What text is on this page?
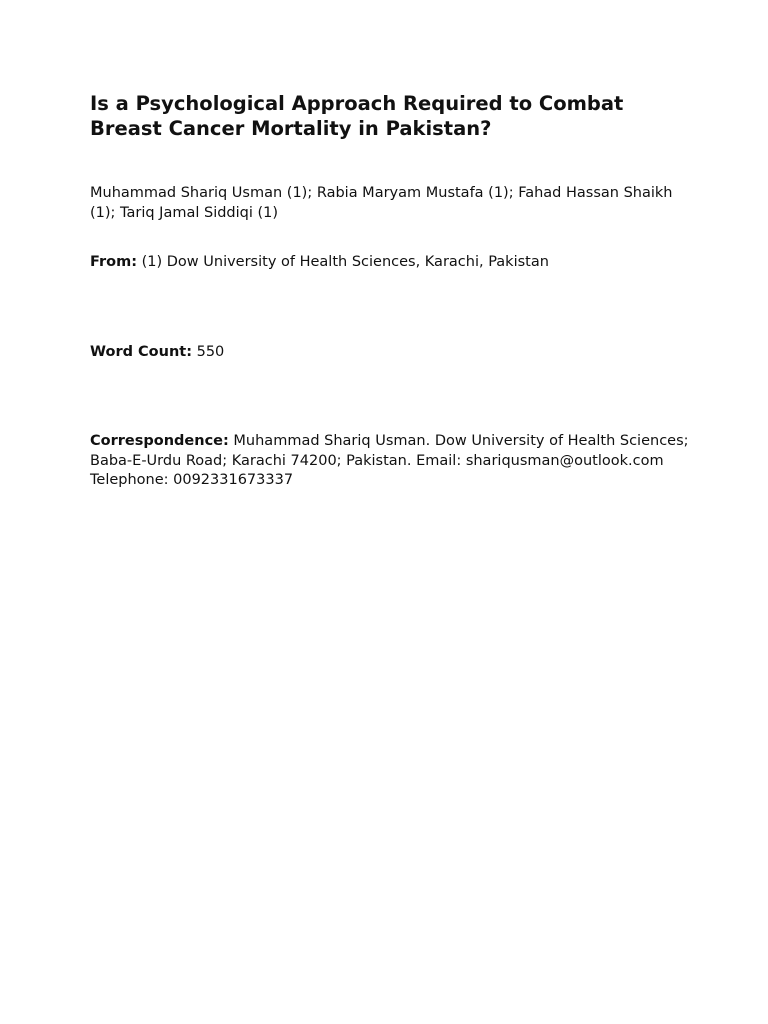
Is a Psychological Approach Required to Combat Breast Cancer Mortality in Pakistan?

Muhammad Shariq Usman (1); Rabia Maryam Mustafa (1); Fahad Hassan Shaikh (1); Tariq Jamal Siddiqi (1)

From: (1) Dow University of Health Sciences, Karachi, Pakistan

Word Count: 550

Correspondence: Muhammad Shariq Usman. Dow University of Health Sciences; Baba-E-Urdu Road; Karachi 74200; Pakistan. Email: shariqusman@outlook.com Telephone: 0092331673337
